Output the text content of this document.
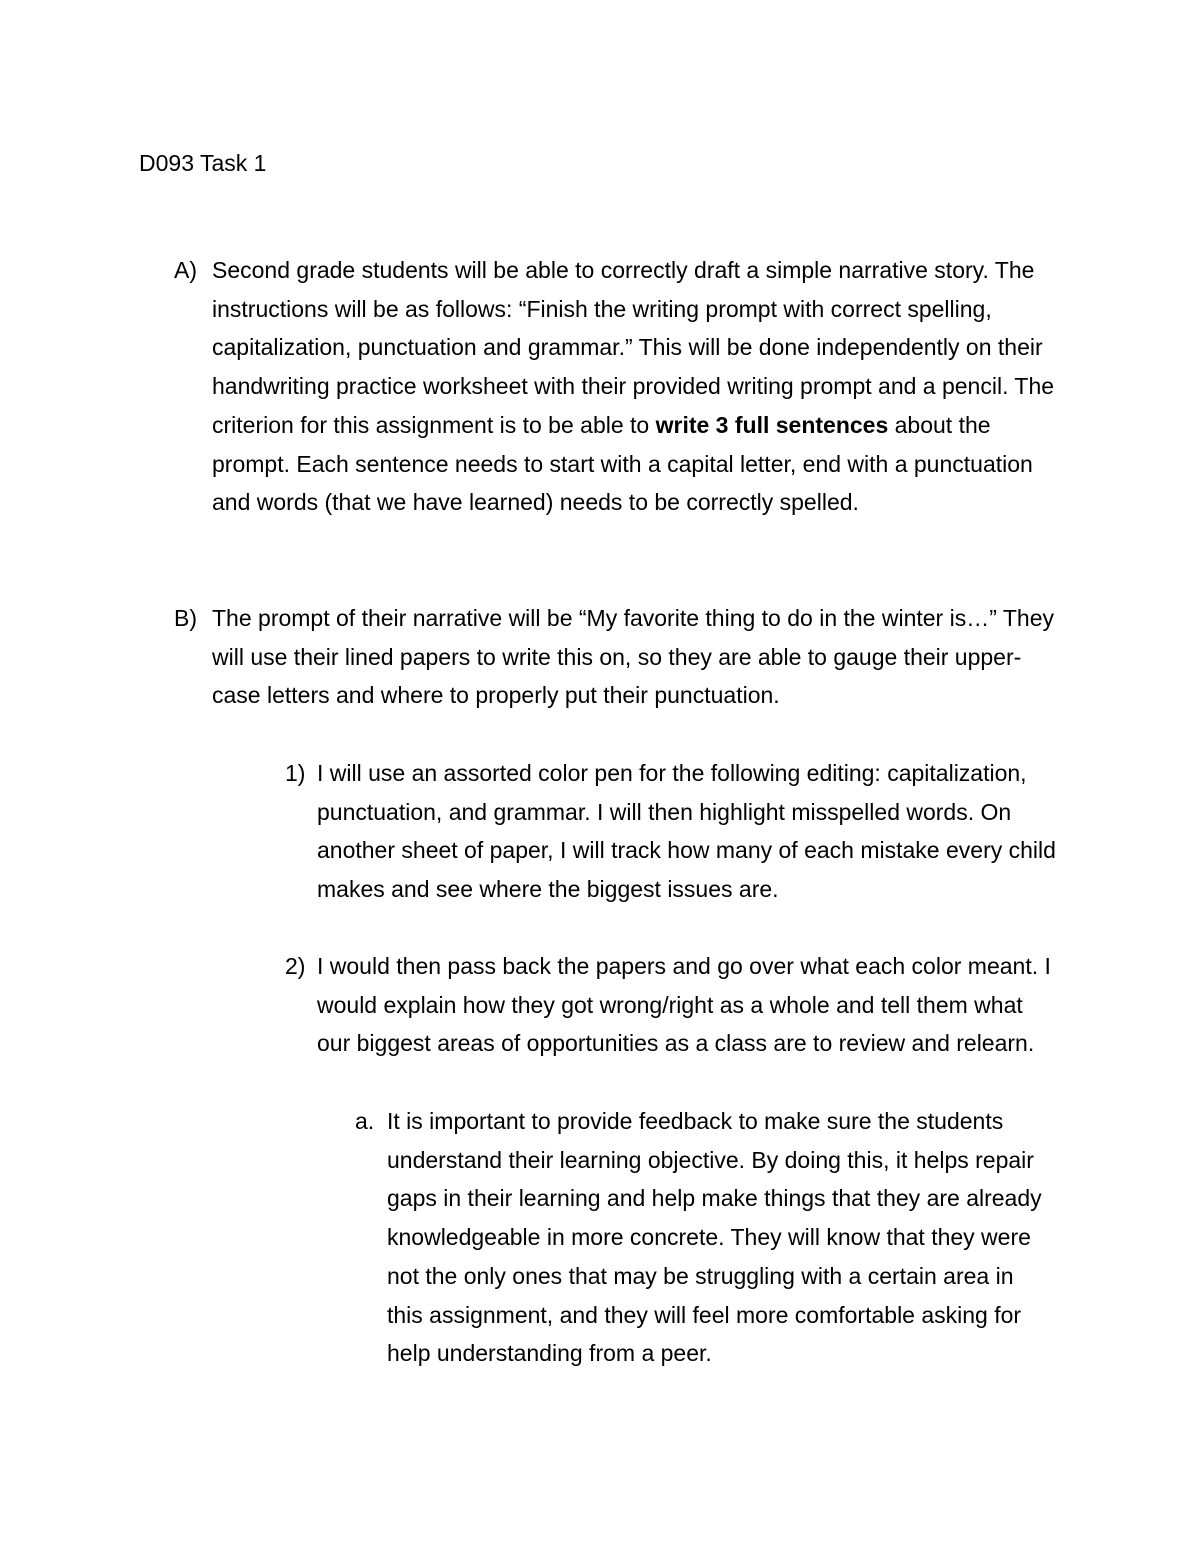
D093 Task 1
A) Second grade students will be able to correctly draft a simple narrative story. The instructions will be as follows: “Finish the writing prompt with correct spelling, capitalization, punctuation and grammar.” This will be done independently on their handwriting practice worksheet with their provided writing prompt and a pencil. The criterion for this assignment is to be able to write 3 full sentences about the prompt. Each sentence needs to start with a capital letter, end with a punctuation and words (that we have learned) needs to be correctly spelled.

B) The prompt of their narrative will be “My favorite thing to do in the winter is…” They will use their lined papers to write this on, so they are able to gauge their upper-case letters and where to properly put their punctuation.

1) I will use an assorted color pen for the following editing: capitalization, punctuation, and grammar. I will then highlight misspelled words. On another sheet of paper, I will track how many of each mistake every child makes and see where the biggest issues are.

2) I would then pass back the papers and go over what each color meant. I would explain how they got wrong/right as a whole and tell them what our biggest areas of opportunities as a class are to review and relearn.

a. It is important to provide feedback to make sure the students understand their learning objective. By doing this, it helps repair gaps in their learning and help make things that they are already knowledgeable in more concrete. They will know that they were not the only ones that may be struggling with a certain area in this assignment, and they will feel more comfortable asking for help understanding from a peer.
